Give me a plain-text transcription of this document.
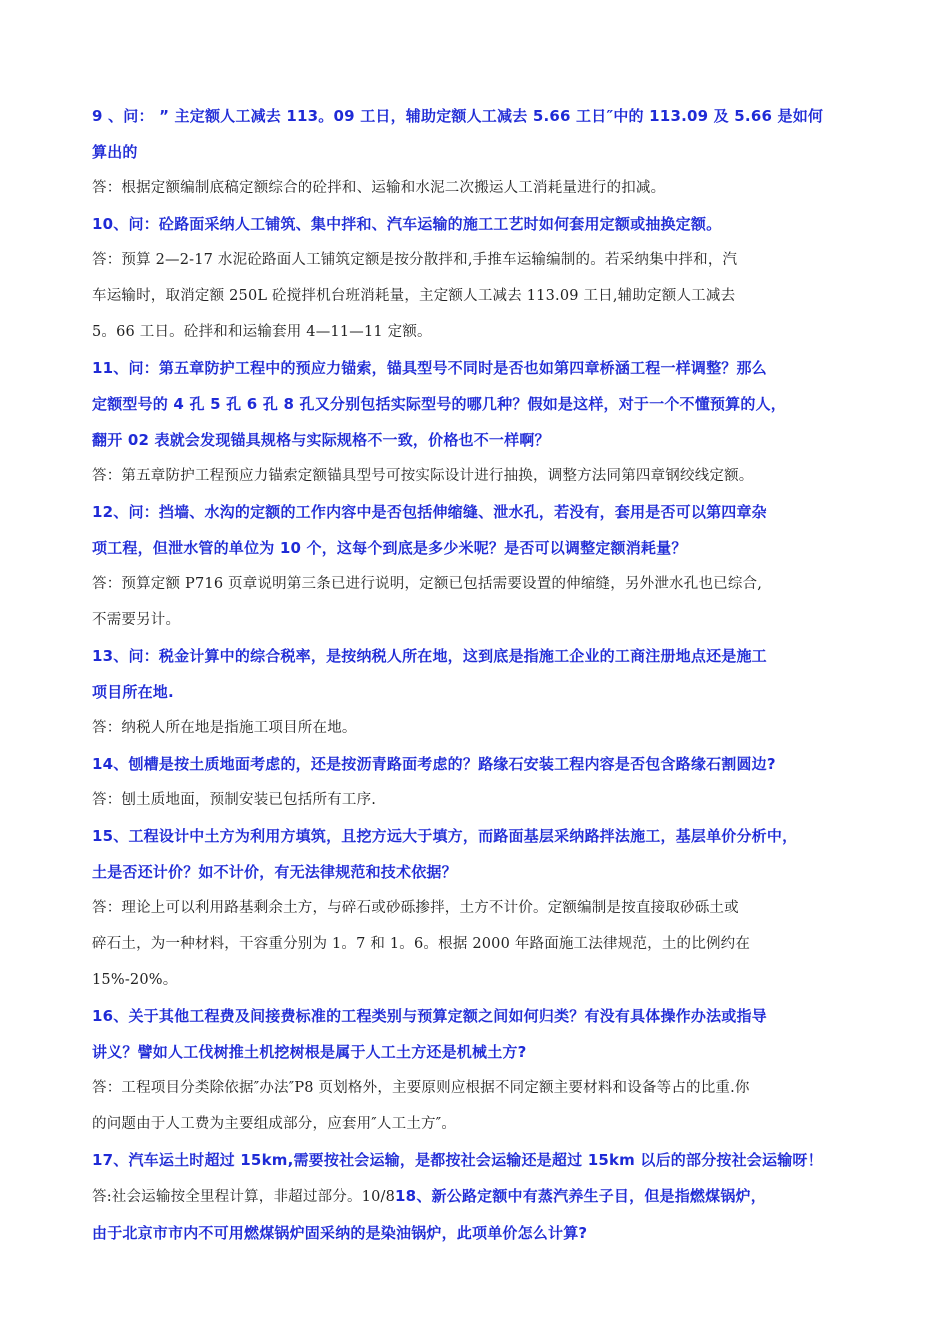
9 、问： ” 主定额人工减去 113。09 工日，辅助定额人工减去 5.66 工日″中的 113.09 及 5.66 是如何
算出的

答：根据定额编制底稿定额综合的砼拌和、运输和水泥二次搬运人工消耗量进行的扣减。

10、问：砼路面采纳人工铺筑、集中拌和、汽车运输的施工工艺时如何套用定额或抽换定额。

答：预算 2—2-17 水泥砼路面人工铺筑定额是按分散拌和,手推车运输编制的。若采纳集中拌和，汽
车运输时，取消定额 250L 砼搅拌机台班消耗量，主定额人工减去 113.09 工日,辅助定额人工减去
5。66 工日。砼拌和和运输套用 4—11—11 定额。

11、问：第五章防护工程中的预应力锚索，锚具型号不同时是否也如第四章桥涵工程一样调整？那么
定额型号的 4 孔 5 孔 6 孔 8 孔又分别包括实际型号的哪几种？假如是这样，对于一个不懂预算的人，
翻开 02 表就会发现锚具规格与实际规格不一致，价格也不一样啊？

答：第五章防护工程预应力锚索定额锚具型号可按实际设计进行抽换，调整方法同第四章钢绞线定额。

12、问：挡墙、水沟的定额的工作内容中是否包括伸缩缝、泄水孔，若没有，套用是否可以第四章杂
项工程，但泄水管的单位为 10 个，这每个到底是多少米呢？是否可以调整定额消耗量？

答：预算定额 P716 页章说明第三条已进行说明，定额已包括需要设置的伸缩缝，另外泄水孔也已综合,
不需要另计。

13、问：税金计算中的综合税率，是按纳税人所在地，这到底是指施工企业的工商注册地点还是施工
项目所在地.

答：纳税人所在地是指施工项目所在地。

14、刨槽是按土质地面考虑的，还是按沥青路面考虑的？路缘石安装工程内容是否包含路缘石割圆边?

答：刨土质地面，预制安装已包括所有工序.

15、工程设计中土方为利用方填筑，且挖方远大于填方，而路面基层采纳路拌法施工，基层单价分析中，
土是否还计价？如不计价，有无法律规范和技术依据？

答：理论上可以利用路基剩余土方，与碎石或砂砾掺拌，土方不计价。定额编制是按直接取砂砾土或
碎石土，为一种材料，干容重分别为 1。7 和 1。6。根据 2000 年路面施工法律规范，土的比例约在
15%-20%。

16、关于其他工程费及间接费标准的工程类别与预算定额之间如何归类？有没有具体操作办法或指导
讲义？譬如人工伐树推土机挖树根是属于人工土方还是机械土方?

答：工程项目分类除依据″办法″P8 页划格外，主要原则应根据不同定额主要材料和设备等占的比重.你
的问题由于人工费为主要组成部分，应套用″人工土方″。

17、汽车运土时超过 15km,需要按社会运输，是都按社会运输还是超过 15km 以后的部分按社会运输呀！

答:社会运输按全里程计算，非超过部分。10/818、新公路定额中有蒸汽养生子目，但是指燃煤锅炉，

由于北京市市内不可用燃煤锅炉固采纳的是染油锅炉，此项单价怎么计算?
